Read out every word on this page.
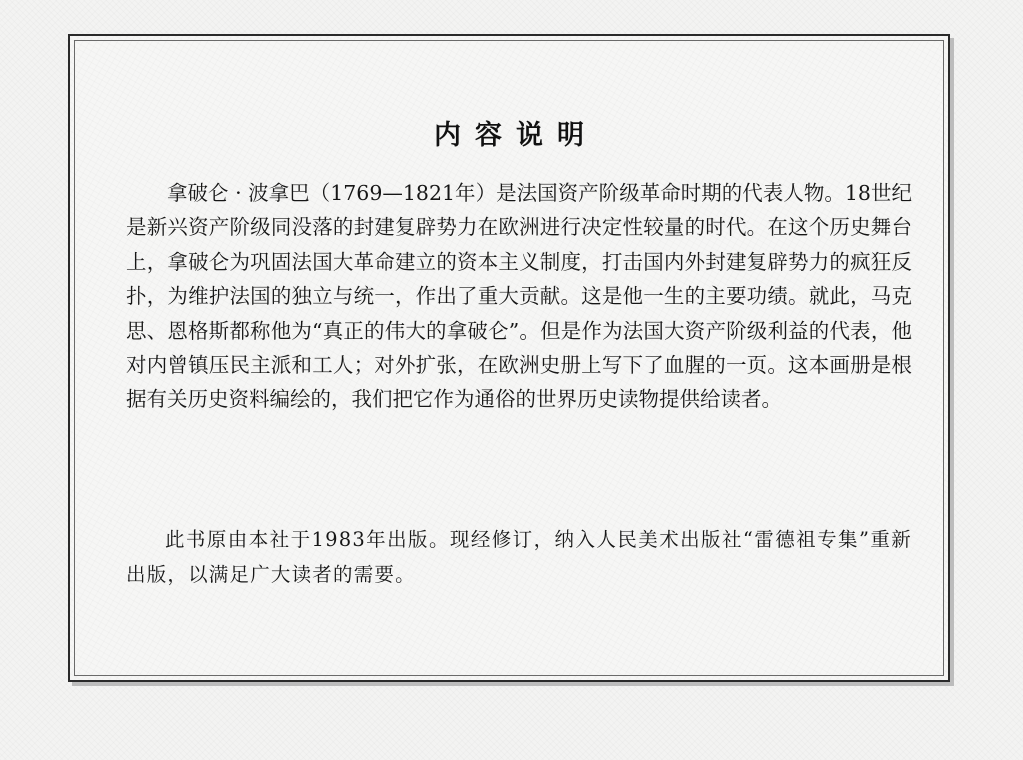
内容说明

拿破仑 · 波拿巴（1769—1821年）是法国资产阶级革命时期的代表人物。18世纪是新兴资产阶级同没落的封建复辟势力在欧洲进行决定性较量的时代。在这个历史舞台上，拿破仑为巩固法国大革命建立的资本主义制度，打击国内外封建复辟势力的疯狂反扑，为维护法国的独立与统一，作出了重大贡献。这是他一生的主要功绩。就此，马克思、恩格斯都称他为“真正的伟大的拿破仑”。但是作为法国大资产阶级利益的代表，他对内曾镇压民主派和工人；对外扩张，在欧洲史册上写下了血腥的一页。这本画册是根据有关历史资料编绘的，我们把它作为通俗的世界历史读物提供给读者。

此书原由本社于1983年出版。现经修订，纳入人民美术出版社“雷德祖专集”重新出版，以满足广大读者的需要。
